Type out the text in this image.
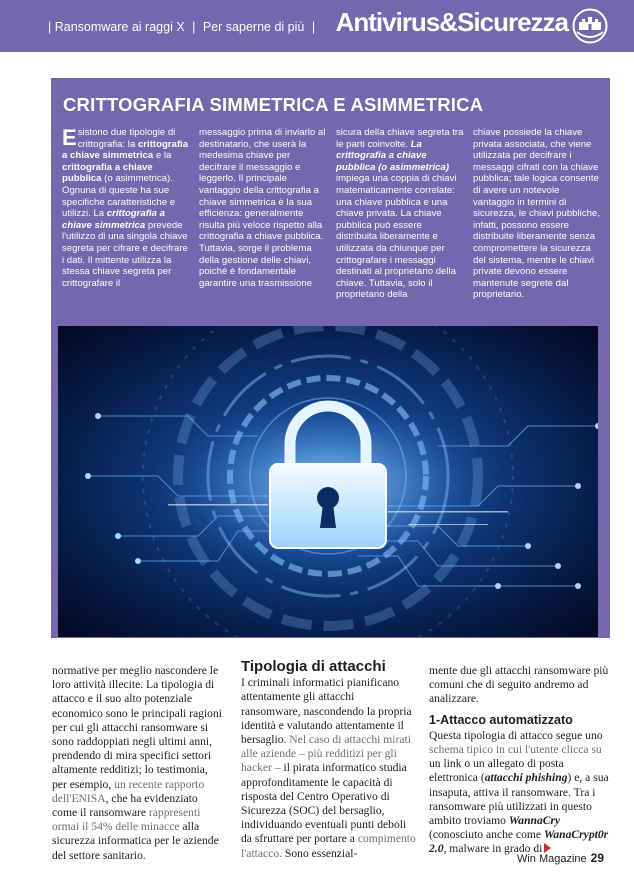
| Ransomware ai raggi X | Per saperne di più | Antivirus&Sicurezza
CRITTOGRAFIA SIMMETRICA E ASIMMETRICA
Esistono due tipologie di crittografia: la crittografia a chiave simmetrica e la crittografia a chiave pubblica (o asimmetrica). Ognuna di queste ha sue specifiche caratteristiche e utilizzi. La crittografia a chiave simmetrica prevede l'utilizzo di una singola chiave segreta per cifrare e decifrare i dati. Il mittente utilizza la stessa chiave segreta per crittografare il
messaggio prima di inviarlo al destinatario, che userà la medesima chiave per decifrare il messaggio e leggerlo. Il principale vantaggio della crittografia a chiave simmetrica è la sua efficienza: generalmente risulta più veloce rispetto alla crittografia a chiave pubblica. Tuttavia, sorge il problema della gestione delle chiavi, poiché è fondamentale garantire una trasmissione
sicura della chiave segreta tra le parti coinvolte. La crittografia a chiave pubblica (o asimmetrica) impiega una coppia di chiavi matematicamente correlate: una chiave pubblica e una chiave privata. La chiave pubblica può essere distribuita liberamente e utilizzata da chiunque per crittografare i messaggi destinati al proprietario della chiave. Tuttavia, solo il proprietario della
chiave possiede la chiave privata associata, che viene utilizzata per decifrare i messaggi cifrati con la chiave pubblica; tale logica consente di avere un notevole vantaggio in termini di sicurezza, le chiavi pubbliche, infatti, possono essere distribuite liberamente senza compromettere la sicurezza del sistema, mentre le chiavi private devono essere mantenute segrete dal proprietario.
normative per meglio nascondere le loro attività illecite. La tipologia di attacco e il suo alto potenziale economico sono le principali ragioni per cui gli attacchi ransomware si sono raddoppiati negli ultimi anni, prendendo di mira specifici settori altamente redditizi; lo testimonia, per esempio, un recente rapporto dell'ENISA, che ha evidenziato come il ransomware rappresenti ormai il 54% delle minacce alla sicurezza informatica per le aziende del settore sanitario.
Tipologia di attacchi
I criminali informatici pianificano attentamente gli attacchi ransomware, nascondendo la propria identità e valutando attentamente il bersaglio. Nel caso di attacchi mirati alle aziende – più redditizi per gli hacker – il pirata informatico studia approfonditamente le capacità di risposta del Centro Operativo di Sicurezza (SOC) del bersaglio, individuando eventuali punti deboli da sfruttare per portare a compimento l'attacco. Sono essenzial-
mente due gli attacchi ransomware più comuni che di seguito andremo ad analizzare.
1-Attacco automatizzato
Questa tipologia di attacco segue uno schema tipico in cui l'utente clicca su un link o un allegato di posta elettronica (attacchi phishing) e, a sua insaputa, attiva il ransomware. Tra i ransomware più utilizzati in questo ambito troviamo WannaCry (conosciuto anche come WanaCrypt0r 2.0, malware in grado di
Win Magazine 29
